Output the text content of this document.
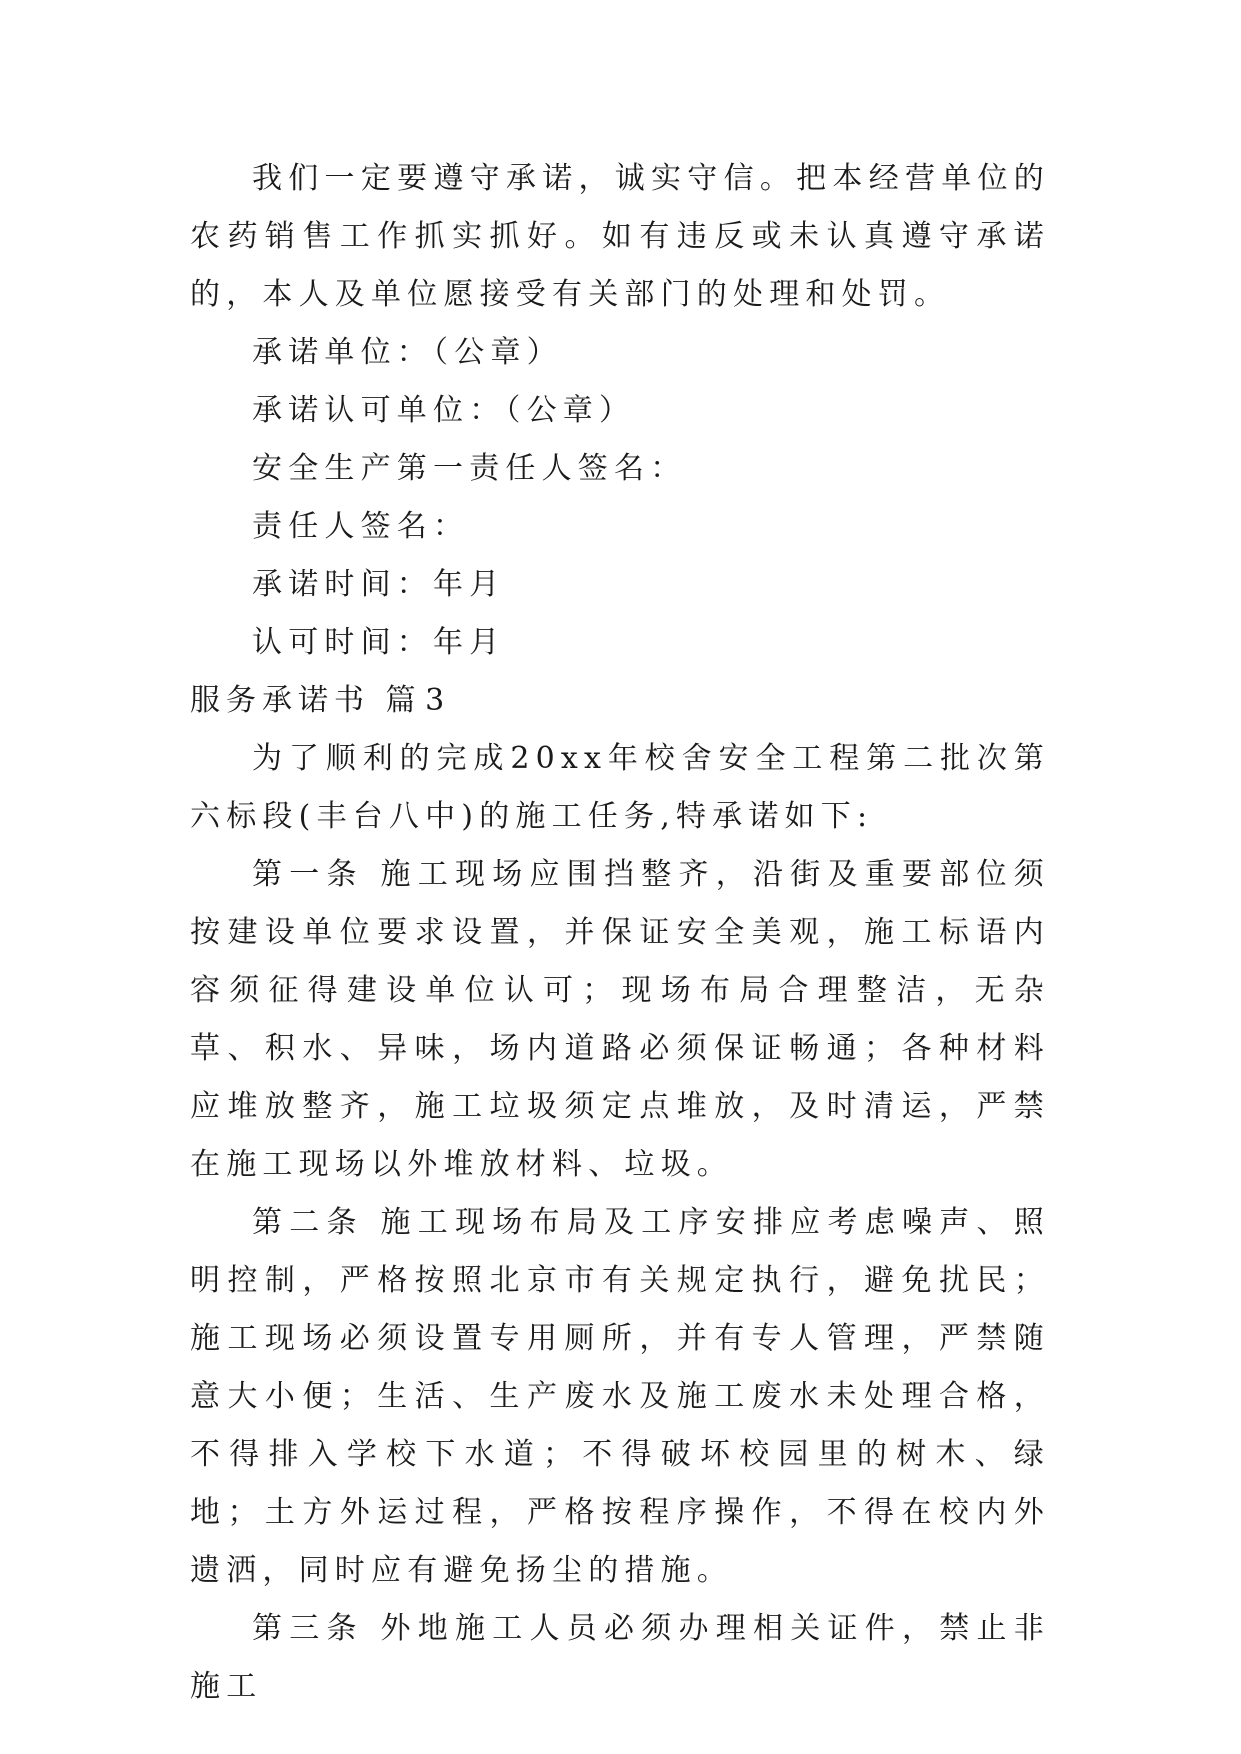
我们一定要遵守承诺，诚实守信。把本经营单位的农药销售工作抓实抓好。如有违反或未认真遵守承诺的，本人及单位愿接受有关部门的处理和处罚。

承诺单位：（公章）

承诺认可单位：（公章）

安全生产第一责任人签名：

责任人签名：

承诺时间：年月

认可时间：年月

服务承诺书 篇 3

为了顺利的完成20xx年校舍安全工程第二批次第六标段(丰台八中)的施工任务,特承诺如下:

第一条 施工现场应围挡整齐，沿街及重要部位须按建设单位要求设置，并保证安全美观，施工标语内容须征得建设单位认可；现场布局合理整洁，无杂草、积水、异味，场内道路必须保证畅通；各种材料应堆放整齐，施工垃圾须定点堆放，及时清运，严禁在施工现场以外堆放材料、垃圾。

第二条 施工现场布局及工序安排应考虑噪声、照明控制，严格按照北京市有关规定执行，避免扰民；施工现场必须设置专用厕所，并有专人管理，严禁随意大小便；生活、生产废水及施工废水未处理合格，不得排入学校下水道；不得破坏校园里的树木、绿地；土方外运过程，严格按程序操作，不得在校内外遗洒，同时应有避免扬尘的措施。

第三条 外地施工人员必须办理相关证件，禁止非施工
